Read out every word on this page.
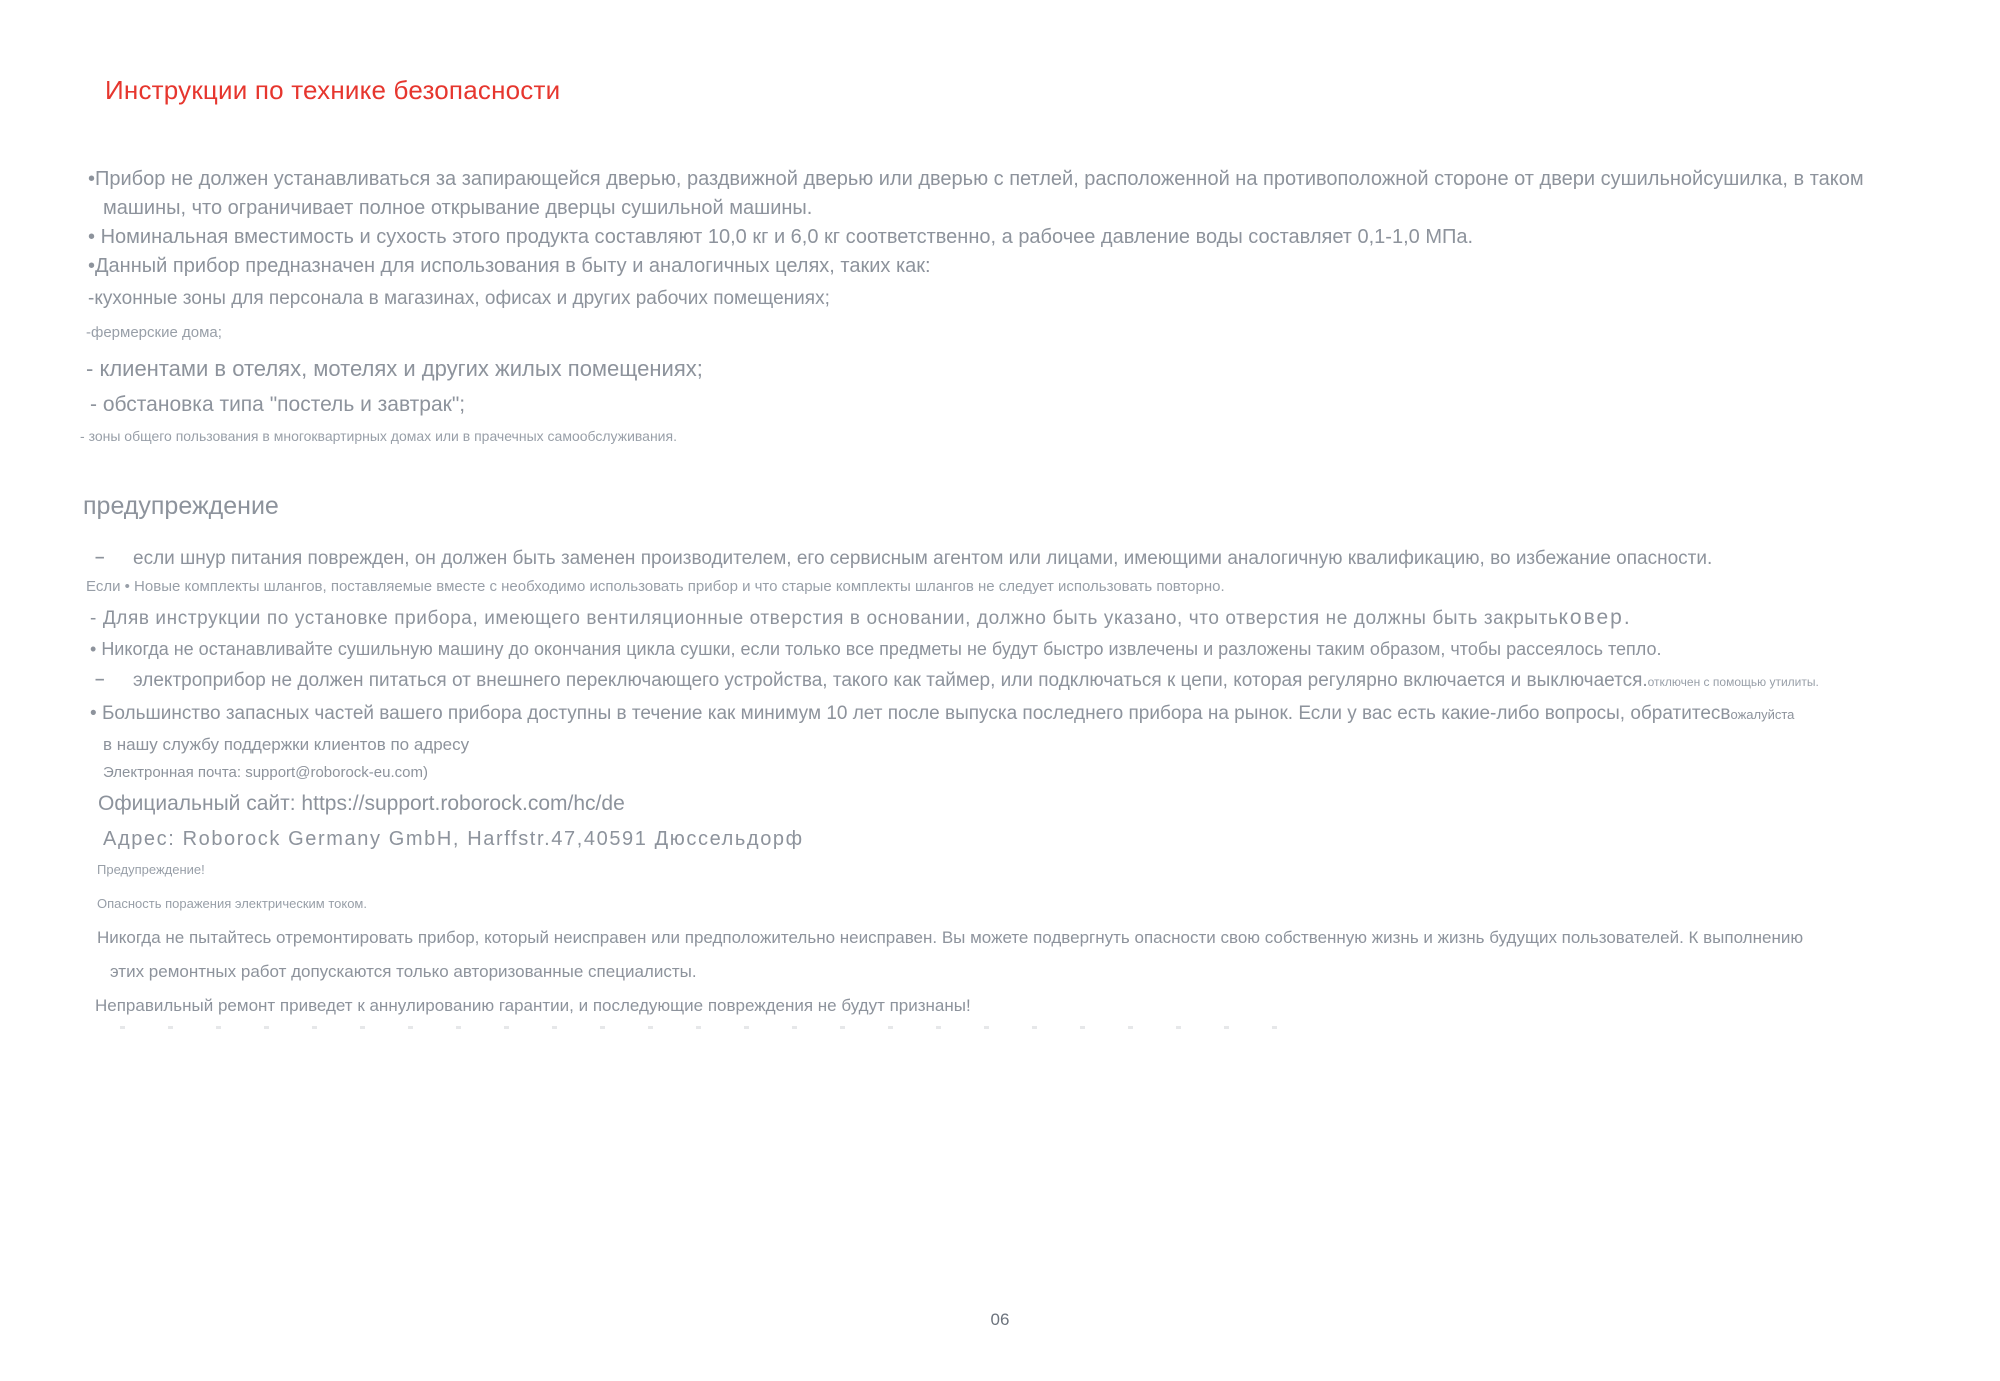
Инструкции по технике безопасности
•Прибор не должен устанавливаться за запирающейся дверью, раздвижной дверью или дверью с петлей, расположенной на противоположной стороне от двери сушильнойсушилка, в таком
машины, что ограничивает полное открывание дверцы сушильной машины.
• Номинальная вместимость и сухость этого продукта составляют 10,0 кг и 6,0 кг соответственно, а рабочее давление воды составляет 0,1-1,0 МПа.
•Данный прибор предназначен для использования в быту и аналогичных целях, таких как:
-кухонные зоны для персонала в магазинах, офисах и других рабочих помещениях;
-фермерские дома;
- клиентами в отелях, мотелях и других жилых помещениях;
- обстановка типа "постель и завтрак";
- зоны общего пользования в многоквартирных домах или в прачечных самообслуживания.
предупреждение
– если шнур питания поврежден, он должен быть заменен производителем, его сервисным агентом или лицами, имеющими аналогичную квалификацию, во избежание опасности.
Если • Новые комплекты шлангов, поставляемые вместе с необходимо использовать прибор и что старые комплекты шлангов не следует использовать повторно.
- Дляв инструкции по установке прибора, имеющего вентиляционные отверстия в основании, должно быть указано, что отверстия не должны быть закрытьковер.
• Никогда не останавливайте сушильную машину до окончания цикла сушки, если только все предметы не будут быстро извлечены и разложены таким образом, чтобы рассеялось тепло.
– электроприбор не должен питаться от внешнего переключающего устройства, такого как таймер, или подключаться к цепи, которая регулярно включается и выключается.отключен с помощью утилиты.
• Большинство запасных частей вашего прибора доступны в течение как минимум 10 лет после выпуска последнего прибора на рынок. Если у вас есть какие-либо вопросы, обратитесвожалуйста
в нашу службу поддержки клиентов по адресу
Электронная почта: support@roborock-eu.com)
Официальный сайт: https://support.roborock.com/hc/de
Адрес: Roborock Germany GmbH, Harffstr.47,40591 Дюссельдорф
Предупреждение!
Опасность поражения электрическим током.
Никогда не пытайтесь отремонтировать прибор, который неисправен или предположительно неисправен. Вы можете подвергнуть опасности свою собственную жизнь и жизнь будущих пользователей. К выполнению
этих ремонтных работ допускаются только авторизованные специалисты.
Неправильный ремонт приведет к аннулированию гарантии, и последующие повреждения не будут признаны!
06
